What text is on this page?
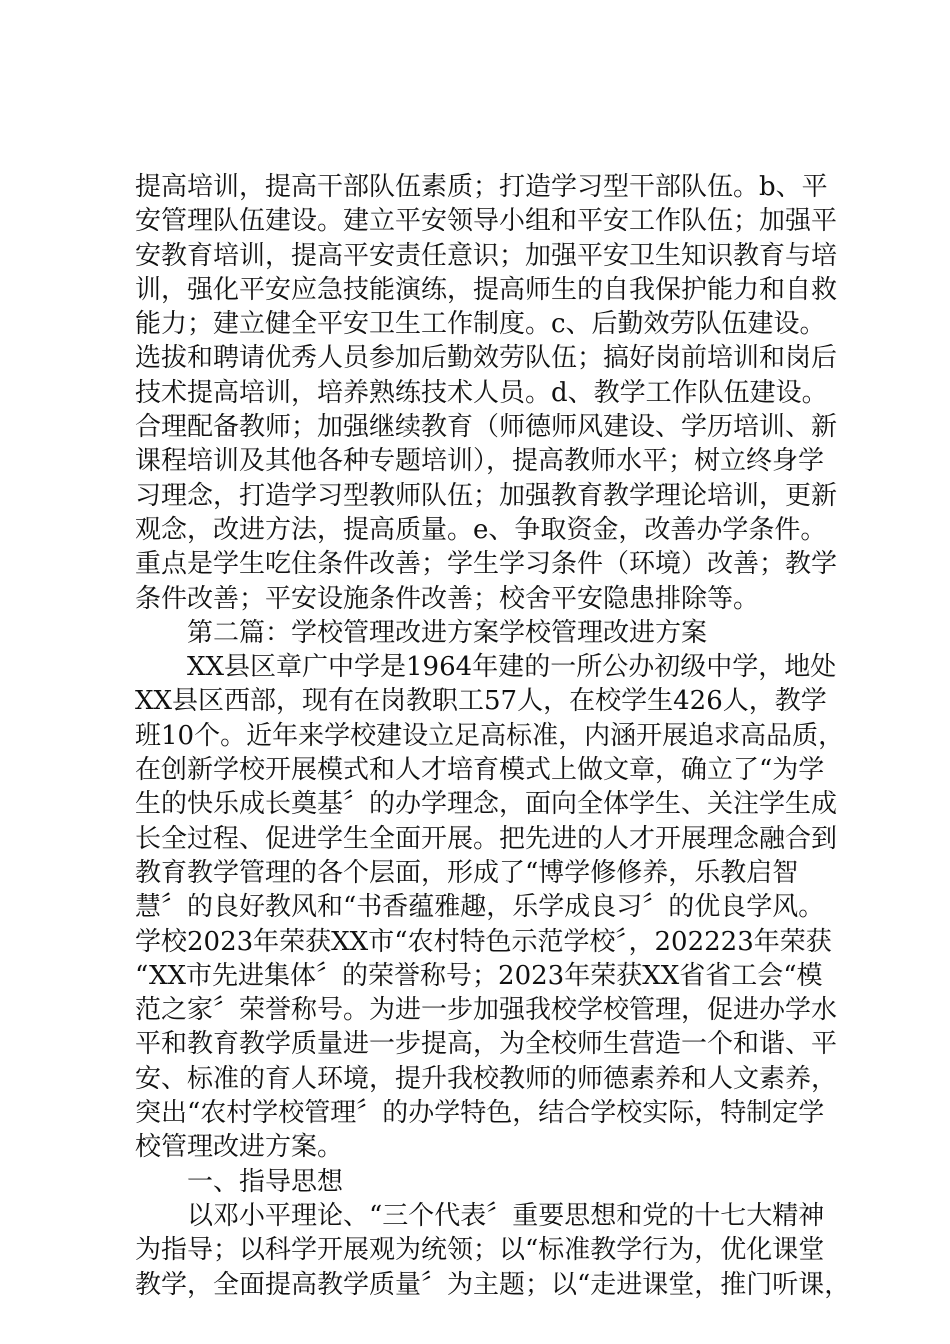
提高培训，提高干部队伍素质；打造学习型干部队伍。b、平
安管理队伍建设。建立平安领导小组和平安工作队伍；加强平
安教育培训，提高平安责任意识；加强平安卫生知识教育与培
训，强化平安应急技能演练，提高师生的自我保护能力和自救
能力；建立健全平安卫生工作制度。c、后勤效劳队伍建设。
选拔和聘请优秀人员参加后勤效劳队伍；搞好岗前培训和岗后
技术提高培训，培养熟练技术人员。d、教学工作队伍建设。
合理配备教师；加强继续教育（师德师风建设、学历培训、新
课程培训及其他各种专题培训），提高教师水平；树立终身学
习理念，打造学习型教师队伍；加强教育教学理论培训，更新
观念，改进方法，提高质量。e、争取资金，改善办学条件。
重点是学生吃住条件改善；学生学习条件（环境）改善；教学
条件改善；平安设施条件改善；校舍平安隐患排除等。
第二篇：学校管理改进方案学校管理改进方案
XX县区章广中学是1964年建的一所公办初级中学，地处
XX县区西部，现有在岗教职工57人，在校学生426人，教学
班10个。近年来学校建设立足高标准，内涵开展追求高品质，
在创新学校开展模式和人才培育模式上做文章，确立了“为学
生的快乐成长奠基〞的办学理念，面向全体学生、关注学生成
长全过程、促进学生全面开展。把先进的人才开展理念融合到
教育教学管理的各个层面，形成了“博学修修养，乐教启智
慧〞的良好教风和“书香蕴雅趣，乐学成良习〞的优良学风。
学校2023年荣获XX市“农村特色示范学校〞，202223年荣获
“XX市先进集体〞的荣誉称号；2023年荣获XX省省工会“模
范之家〞荣誉称号。为进一步加强我校学校管理，促进办学水
平和教育教学质量进一步提高，为全校师生营造一个和谐、平
安、标准的育人环境，提升我校教师的师德素养和人文素养，
突出“农村学校管理〞的办学特色，结合学校实际，特制定学
校管理改进方案。
一、指导思想
以邓小平理论、“三个代表〞重要思想和党的十七大精神
为指导；以科学开展观为统领；以“标准教学行为，优化课堂
教学，全面提高教学质量〞为主题；以“走进课堂，推门听课，
